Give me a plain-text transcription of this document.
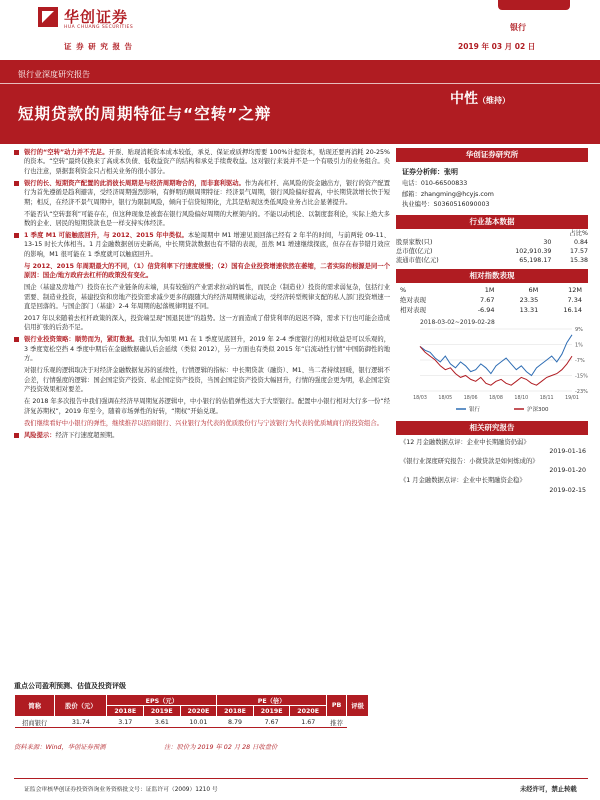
华创证券
HUA CHUANG SECURITIES
证 券 研 究 报 告
银行
2019 年 03 月 02 日
银行业深度研究报告
短期贷款的周期特征与“空转”之辩
中性（维持）

银行的“空转”动力并不充足。开票、贴现消耗资本成本较低，承兑、保证或质押均需要 100%计提资本，贴现还要再消耗 20-25%的资本。“空转”最终仅换来了高成本负债、低收益资产的结构和承兑手续费收益。这对银行来说并不是一个有吸引力的业务组合。央行也注意，票据套利资金只占相关业务的很小部分。

银行的长、短期资产配置的此消彼长周期是与经济周期吻合的，而非套利驱动。作为高杠杆、高风险的资金融出方，银行的资产配置行为首先遵循是趋利避害，受经济周期强烈影响，有鲜明的顺周期特征：经济景气周期，银行风险偏好提高，中长期贷款增长快于短期；相反，在经济不景气周期中，银行为限制风险，倾向于信贷短期化，尤其是贴现这类低风险业务占比会显著提升。

不能否认“空转套利”可能存在，但这种现象是被套在银行风险偏好周期的大框架内的。不能以动机论、以制度套利论，实际上绝大多数的企业、居民的短期贷款也是一样支持实体经济。

1 季度 M1 可能触底回升，与 2012、2015 年中类似。本轮周期中 M1 增速见顶回落已经有 2 年半的时间，与前两轮 09-11、13-15 时长大体相当。1 月金融数据创历史新高，中长期贷款数据也有不错的表现，虽然 M1 增速继续探底，但存在春节错月效应的影响，M1 很可能在 1 季度就可以触底回升。

与 2012、2015 年周期最大的不同，（1）信贷利率下行速度缓慢；（2）国有企业投资增速依然在萎缩，二者实际的根源是同一个原因：国企/地方政府去杠杆的政策没有变化。

国企（基建及房地产）投资在长产业链条的末端，具有较强的产业需求拉动的属性，而民企（制造业）投资的需求弱复杂，包括行业需要、制造业投资，基建投资和房地产投资需求减少更多的跟随大的经济周期规律运动，受经济转型规律支配的私人部门投资增速一直是回落的。与国企部门（基建）2-4 年周期的起落规律明显不同。

2017 年以来随着去杠杆政策的深入，投资端呈现“国退民进”的趋势。这一方面造成了借贷利率的迟迟不降，需求下行也可能会造成信用扩张的后劲不足。

银行业投资策略：顺势而为，紧盯数据。我们认为如果 M1 在 1 季度见底回升，2019 年 2-4 季度银行的相对收益是可以乐观的，3 季度宽松空挡 4 季度中期后在金融数据确认后会延续（类似 2012），另一方面也有类似 2015 年“启流动性行情”中国防御性的地方。

对银行乐观的逻辑取决于对经济金融数据复苏的延续性，行情逻辑的指标：中长期贷款（融资）、M1、当二者持续回暖，银行逻辑不会差，行情强度的逻辑：国企国定资产投资、私企国定资产投资，当国企国定资产投资大幅回升，行情的强度会更为明，私企国定资产投资效果相对要差。

在 2018 年多次报告中我们强调在经济早周期复苏逻辑中，中小银行的估值弹性远大于大型银行。配置中小银行相对大行多一份“经济复苏期权”，2019 年至今，随着市场弹性的好转，“期权”开始兑现。

我们继续看好中小银行的弹性，继续推荐以招商银行、兴业银行为代表的优质股份行与宁波银行为代表的优质城商行的投资组合。

风险提示：经济下行速度超预期。

华创证券研究所
证券分析师：张明
电话：010-66500833
邮箱：zhangming@hcyjs.com
执业编号：S0360516090003
行业基本数据
		占比%
股票家数(只)	30	0.84
总市值(亿元)	102,910.39	17.57
流通市值(亿元)	65,198.17	15.38
相对指数表现
%	1M	6M	12M
绝对表现	7.67	23.35	7.34
相对表现	-6.94	13.31	16.14
2018-03-02~2019-02-28
9%
1%
-7%
-15%
-23%
18/03 18/05 18/06 18/08 18/10 18/11 19/01
银行	沪深300
相关研究报告
《12 月金融数据点评：企业中长期融资仍弱》
2019-01-16
《银行业深度研究报告：小微贷款是如何炼成的》
2019-01-20
《1 月金融数据点评：企业中长期融资企稳》
2019-02-15
重点公司盈利预测、估值及投资评级
简称	股价（元）	EPS（元）			PE（倍）			PB	评级
		2018E	2019E	2020E	2018E	2019E	2020E		
招商银行	31.74	3.17	3.61	10.01	8.79	7.67	1.67	推荐	
资料来源：Wind，华创证券预测	注：股价为 2019 年 02 月 28 日收盘价
证监会审核华创证券投资咨询业务资格批文号：证监许可（2009）1210 号	未经许可，禁止转载
